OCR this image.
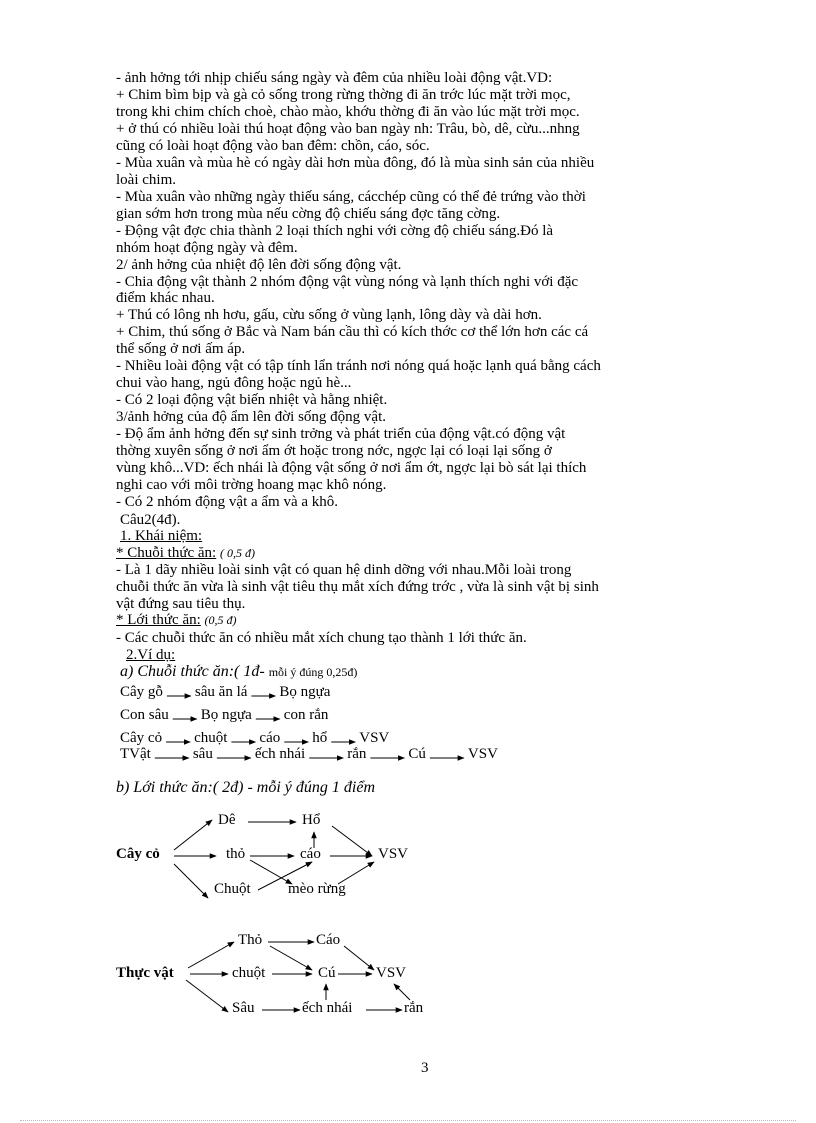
- ảnh hởng tới nhịp chiếu sáng ngày và đêm của nhiều loài động vật.VD:
+ Chim bìm bịp và gà cỏ sống trong rừng thờng đi ăn trớc lúc mặt trời mọc,
trong khi chim chích choè, chào mào, khớu thờng đi ăn vào lúc mặt trời mọc.
+ ở thú có nhiều loài thú hoạt động vào ban ngày nh: Trâu, bò, dê, cừu...nhng
cũng có loài hoạt động vào ban đêm: chồn, cáo, sóc.
- Mùa xuân và mùa hè có ngày dài hơn mùa đông, đó là mùa sinh sản của nhiều
loài chim.
- Mùa xuân vào những ngày thiếu sáng, cácchép cũng có thể đẻ trứng vào thời
gian sớm hơn trong mùa nếu cờng độ chiếu sáng đợc tăng cờng.
- Động vật đợc chia thành 2 loại thích nghi với cờng độ chiếu sáng.Đó là
nhóm hoạt động ngày và đêm.
2/ ảnh hởng của nhiệt độ lên đời sống động vật.
- Chia động vật thành 2 nhóm động vật vùng nóng và lạnh thích nghi với đặc
điểm khác nhau.
+ Thú có lông nh hơu, gấu, cừu sống ở vùng lạnh, lông dày và dài hơn.
+ Chim, thú sống ở Bắc và Nam bán cầu thì có kích thớc cơ thể lớn hơn các cá
thể sống ở nơi ấm áp.
- Nhiều loài động vật có tập tính lẩn tránh nơi nóng quá hoặc lạnh quá bằng cách
chui vào hang, ngủ đông hoặc ngủ hè...
- Có 2 loại động vật biến nhiệt và hằng nhiệt.
3/ảnh hởng của độ ẩm lên đời sống động vật.
- Độ ẩm ảnh hởng đến sự sinh trởng và phát triển của động vật.có động vật
thờng xuyên sống ở nơi ẩm ớt hoặc trong nớc, ngợc lại có loại lại sống ở
vùng khô...VD: ếch nhái là động vật sống ở nơi ẩm ớt, ngợc lại bò sát lại thích
nghi cao với môi trờng hoang mạc khô nóng.
- Có 2 nhóm động vật a ẩm và a khô.
Câu2(4đ).
1. Khái niệm:
* Chuỗi thức ăn: ( 0,5 đ)
- Là 1 dãy nhiều loài sinh vật có quan hệ dinh dỡng với nhau.Mỗi loài trong
chuỗi thức ăn vừa là sinh vật tiêu thụ mắt xích đứng trớc , vừa là sinh vật bị sinh
vật đứng sau tiêu thụ.
* Lới thức ăn: (0,5 đ)
- Các chuỗi thức ăn có nhiều mắt xích chung tạo thành 1 lới thức ăn.
2.Ví dụ:
a) Chuỗi thức ăn:( 1đ- mỗi ý đúng 0,25đ)
Cây gỗ sâu ăn lá Bọ ngựa
Con sâu Bọ ngựa con rắn
Cây cỏ chuột cáo hổ VSV
TVật	sâu	ếch nhái	rắn	Cú	VSV
b) Lới thức ăn:( 2đ) - mỗi ý đúng 1 điểm
Cây cỏ
Dê	Hổ
thỏ	cáo	VSV
Chuột mèo rừng
Thực vật
Thỏ	Cáo
chuột	Cú	VSV
Sâu	ếch nhái	rắn
3
